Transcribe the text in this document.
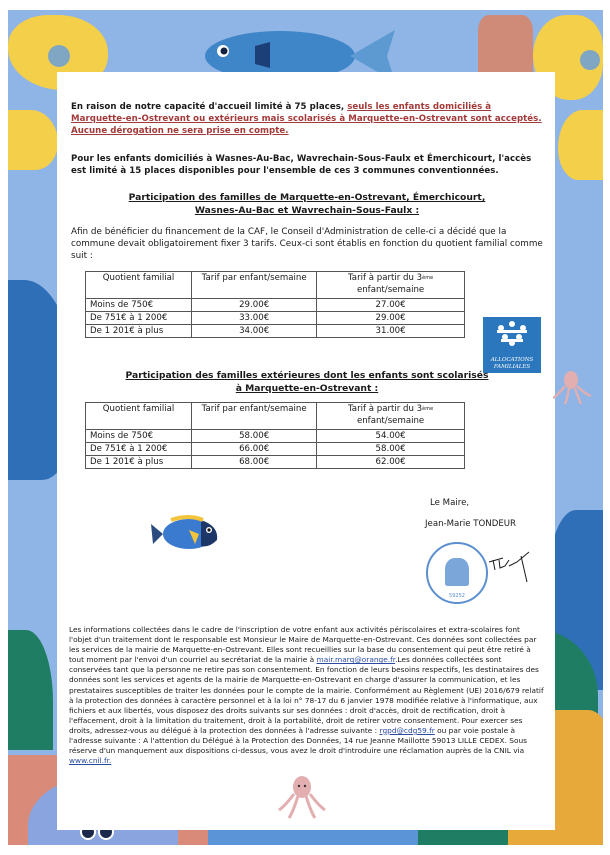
En raison de notre capacité d'accueil limité à 75 places, seuls les enfants domiciliés à Marquette-en-Ostrevant ou extérieurs mais scolarisés à Marquette-en-Ostrevant sont acceptés.
Aucune dérogation ne sera prise en compte.
Pour les enfants domiciliés à Wasnes-Au-Bac, Wavrechain-Sous-Faulx et Émerchicourt, l'accès est limité à 15 places disponibles pour l'ensemble de ces 3 communes conventionnées.
Participation des familles de Marquette-en-Ostrevant, Émerchicourt,
Wasnes-Au-Bac et Wavrechain-Sous-Faulx :
Afin de bénéficier du financement de la CAF, le Conseil d'Administration de celle-ci a décidé que la commune devait obligatoirement fixer 3 tarifs. Ceux-ci sont établis en fonction du quotient familial comme suit :
Quotient familial	Tarif par enfant/semaine	Tarif à partir du 3ème
enfant/semaine
Moins de 750€	29.00€	27.00€
De 751€ à 1 200€	33.00€	29.00€
De 1 201€ à plus	34.00€	31.00€
ALLOCATIONS
FAMILIALES
Participation des familles extérieures dont les enfants sont scolarisés
à Marquette-en-Ostrevant :
Quotient familial	Tarif par enfant/semaine	Tarif à partir du 3ème
enfant/semaine
Moins de 750€	58.00€	54.00€
De 751€ à 1 200€	66.00€	58.00€
De 1 201€ à plus	68.00€	62.00€
Le Maire,
Jean-Marie TONDEUR
59252
Les informations collectées dans le cadre de l'inscription de votre enfant aux activités périscolaires et extra-scolaires font l'objet d'un traitement dont le responsable est Monsieur le Maire de Marquette-en-Ostrevant. Ces données sont collectées par les services de la mairie de Marquette-en-Ostrevant. Elles sont recueillies sur la base du consentement qui peut être retiré à tout moment par l'envoi d'un courriel au secrétariat de la mairie à mair.marq@orange.fr.Les données collectées sont conservées tant que la personne ne retire pas son consentement. En fonction de leurs besoins respectifs, les destinataires des données sont les services et agents de la mairie de Marquette-en-Ostrevant en charge d'assurer la communication, et les prestataires susceptibles de traiter les données pour le compte de la mairie. Conformément au Règlement (UE) 2016/679 relatif à la protection des données à caractère personnel et à la loi n° 78-17 du 6 janvier 1978 modifiée relative à l'informatique, aux fichiers et aux libertés, vous disposez des droits suivants sur ses données : droit d'accès, droit de rectification, droit à l'effacement, droit à la limitation du traitement, droit à la portabilité, droit de retirer votre consentement. Pour exercer ses droits, adressez-vous au délégué à la protection des données à l'adresse suivante : rgpd@cdg59.fr ou par voie postale à l'adresse suivante : A l'attention du Délégué à la Protection des Données, 14 rue Jeanne Maillotte 59013 LILLE CEDEX. Sous réserve d'un manquement aux dispositions ci-dessus, vous avez le droit d'introduire une réclamation auprès de la CNIL via www.cnil.fr.
